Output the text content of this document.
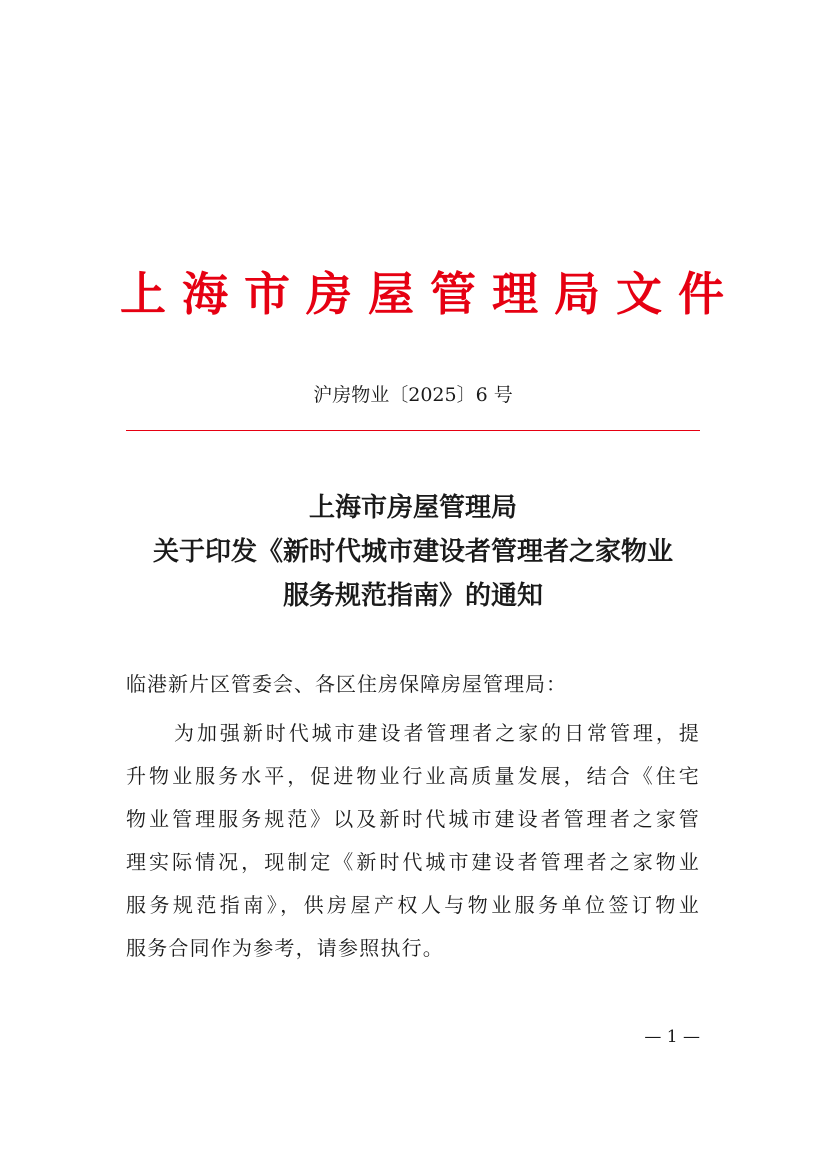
上海市房屋管理局文件
沪房物业〔2025〕6 号
上海市房屋管理局
关于印发《新时代城市建设者管理者之家物业
服务规范指南》的通知
临港新片区管委会、各区住房保障房屋管理局：
为加强新时代城市建设者管理者之家的日常管理，提
升物业服务水平，促进物业行业高质量发展，结合《住宅
物业管理服务规范》以及新时代城市建设者管理者之家管
理实际情况，现制定《新时代城市建设者管理者之家物业
服务规范指南》，供房屋产权人与物业服务单位签订物业
服务合同作为参考，请参照执行。
— 1 —
